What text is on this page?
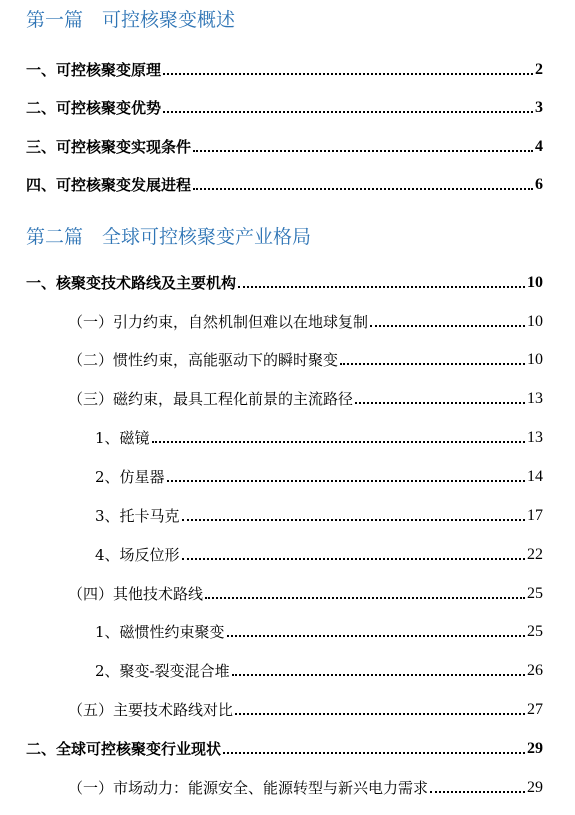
第一篇　可控核聚变概述
一、可控核聚变原理	2
二、可控核聚变优势	3
三、可控核聚变实现条件	4
四、可控核聚变发展进程	6
第二篇　全球可控核聚变产业格局
一、核聚变技术路线及主要机构	10
（一）引力约束，自然机制但难以在地球复制	10
（二）惯性约束，高能驱动下的瞬时聚变	10
（三）磁约束，最具工程化前景的主流路径	13
1、磁镜	13
2、仿星器	14
3、托卡马克	17
4、场反位形	22
（四）其他技术路线	25
1、磁惯性约束聚变	25
2、聚变-裂变混合堆	26
（五）主要技术路线对比	27
二、全球可控核聚变行业现状	29
（一）市场动力：能源安全、能源转型与新兴电力需求	29
